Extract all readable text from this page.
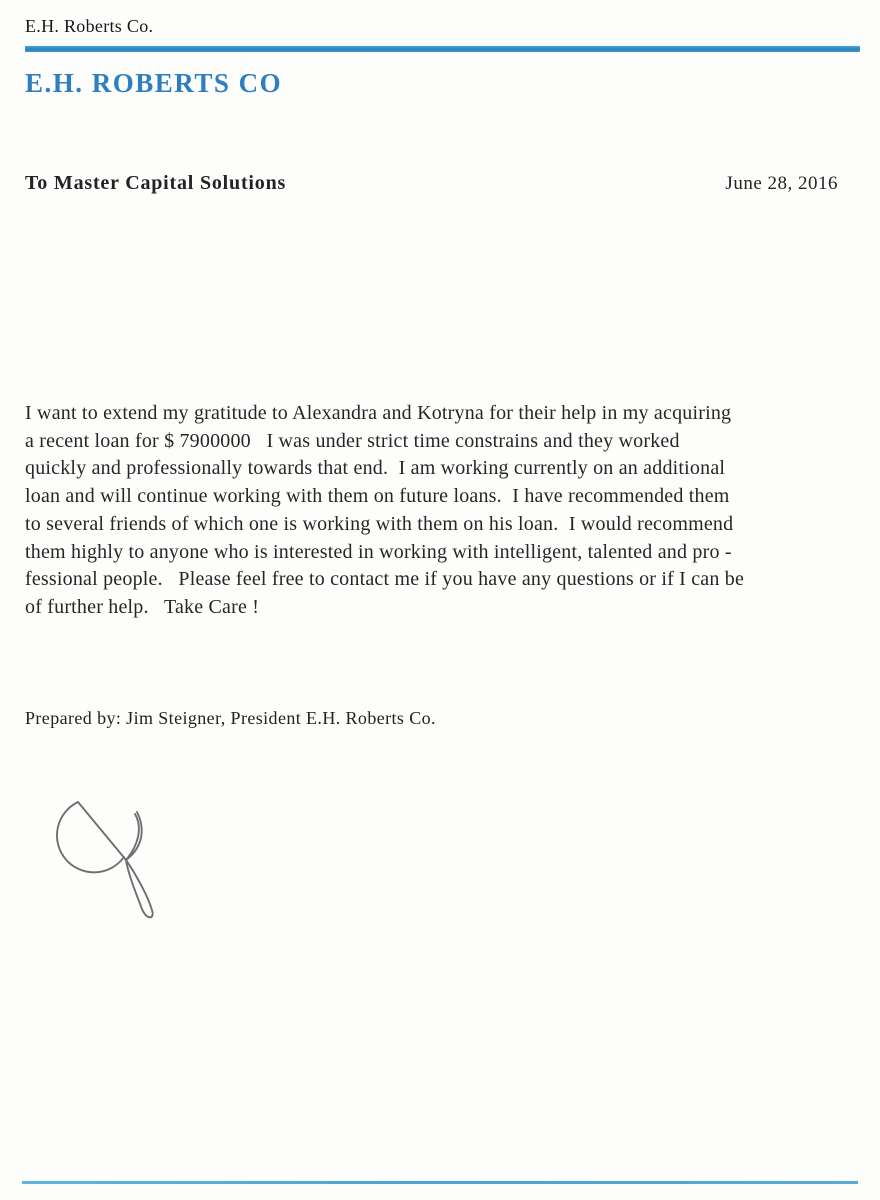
E.H. Roberts Co.
E.H. ROBERTS CO
To Master Capital Solutions	June 28, 2016
I want to extend my gratitude to Alexandra and Kotryna for their help in my acquiring
a recent loan for $ 7900000   I was under strict time constrains and they worked
quickly and professionally towards that end.  I am working currently on an additional
loan and will continue working with them on future loans.  I have recommended them
to several friends of which one is working with them on his loan.  I would recommend
them highly to anyone who is interested in working with intelligent, talented and pro -
fessional people.   Please feel free to contact me if you have any questions or if I can be
of further help.   Take Care !
Prepared by: Jim Steigner, President E.H. Roberts Co.
